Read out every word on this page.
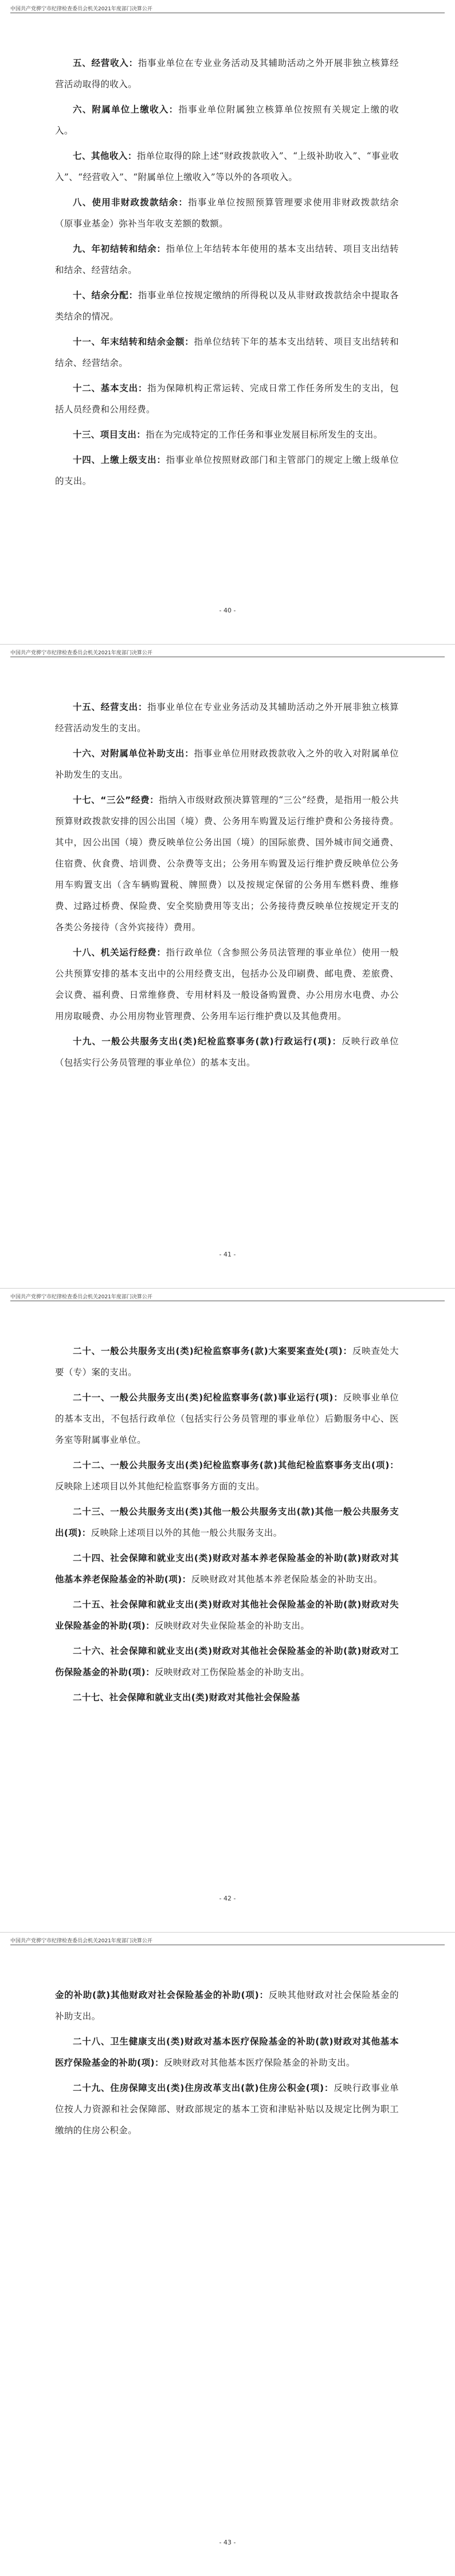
中国共产党骅宁市纪律检查委员会机关2021年度部门决算公开

五、经营收入：指事业单位在专业业务活动及其辅助活动之外开展非独立核算经营活动取得的收入。

六、附属单位上缴收入：指事业单位附属独立核算单位按照有关规定上缴的收入。

七、其他收入：指单位取得的除上述“财政拨款收入”、“上级补助收入”、“事业收入”、“经营收入”、“附属单位上缴收入”等以外的各项收入。

八、使用非财政拨款结余：指事业单位按照预算管理要求使用非财政拨款结余（原事业基金）弥补当年收支差额的数额。

九、年初结转和结余：指单位上年结转本年使用的基本支出结转、项目支出结转和结余、经营结余。

十、结余分配：指事业单位按规定缴纳的所得税以及从非财政拨款结余中提取各类结余的情况。

十一、年末结转和结余金额：指单位结转下年的基本支出结转、项目支出结转和结余、经营结余。

十二、基本支出：指为保障机构正常运转、完成日常工作任务所发生的支出，包括人员经费和公用经费。

十三、项目支出：指在为完成特定的工作任务和事业发展目标所发生的支出。

十四、上缴上级支出：指事业单位按照财政部门和主管部门的规定上缴上级单位的支出。

- 40 -
中国共产党骅宁市纪律检查委员会机关2021年度部门决算公开

十五、经营支出：指事业单位在专业业务活动及其辅助活动之外开展非独立核算经营活动发生的支出。

十六、对附属单位补助支出：指事业单位用财政拨款收入之外的收入对附属单位补助发生的支出。

十七、“三公”经费：指纳入市级财政预决算管理的“三公”经费，是指用一般公共预算财政拨款安排的因公出国（境）费、公务用车购置及运行维护费和公务接待费。其中，因公出国（境）费反映单位公务出国（境）的国际旅费、国外城市间交通费、住宿费、伙食费、培训费、公杂费等支出；公务用车购置及运行维护费反映单位公务用车购置支出（含车辆购置税、牌照费）以及按规定保留的公务用车燃料费、维修费、过路过桥费、保险费、安全奖励费用等支出；公务接待费反映单位按规定开支的各类公务接待（含外宾接待）费用。

十八、机关运行经费：指行政单位（含参照公务员法管理的事业单位）使用一般公共预算安排的基本支出中的公用经费支出，包括办公及印刷费、邮电费、差旅费、会议费、福利费、日常维修费、专用材料及一般设备购置费、办公用房水电费、办公用房取暖费、办公用房物业管理费、公务用车运行维护费以及其他费用。

十九、一般公共服务支出(类)纪检监察事务(款)行政运行(项)：反映行政单位（包括实行公务员管理的事业单位）的基本支出。

- 41 -
中国共产党骅宁市纪律检查委员会机关2021年度部门决算公开

二十、一般公共服务支出(类)纪检监察事务(款)大案要案查处(项)：反映查处大要（专）案的支出。

二十一、一般公共服务支出(类)纪检监察事务(款)事业运行(项)：反映事业单位的基本支出，不包括行政单位（包括实行公务员管理的事业单位）后勤服务中心、医务室等附属事业单位。

二十二、一般公共服务支出(类)纪检监察事务(款)其他纪检监察事务支出(项)：反映除上述项目以外其他纪检监察事务方面的支出。

二十三、一般公共服务支出(类)其他一般公共服务支出(款)其他一般公共服务支出(项)：反映除上述项目以外的其他一般公共服务支出。

二十四、社会保障和就业支出(类)财政对基本养老保险基金的补助(款)财政对其他基本养老保险基金的补助(项)：反映财政对其他基本养老保险基金的补助支出。

二十五、社会保障和就业支出(类)财政对其他社会保险基金的补助(款)财政对失业保险基金的补助(项)：反映财政对失业保险基金的补助支出。

二十六、社会保障和就业支出(类)财政对其他社会保险基金的补助(款)财政对工伤保险基金的补助(项)：反映财政对工伤保险基金的补助支出。

二十七、社会保障和就业支出(类)财政对其他社会保险基

- 42 -
中国共产党骅宁市纪律检查委员会机关2021年度部门决算公开

金的补助(款)其他财政对社会保险基金的补助(项)：反映其他财政对社会保险基金的补助支出。

二十八、卫生健康支出(类)财政对基本医疗保险基金的补助(款)财政对其他基本医疗保险基金的补助(项)：反映财政对其他基本医疗保险基金的补助支出。

二十九、住房保障支出(类)住房改革支出(款)住房公积金(项)：反映行政事业单位按人力资源和社会保障部、财政部规定的基本工资和津贴补贴以及规定比例为职工缴纳的住房公积金。

- 43 -
